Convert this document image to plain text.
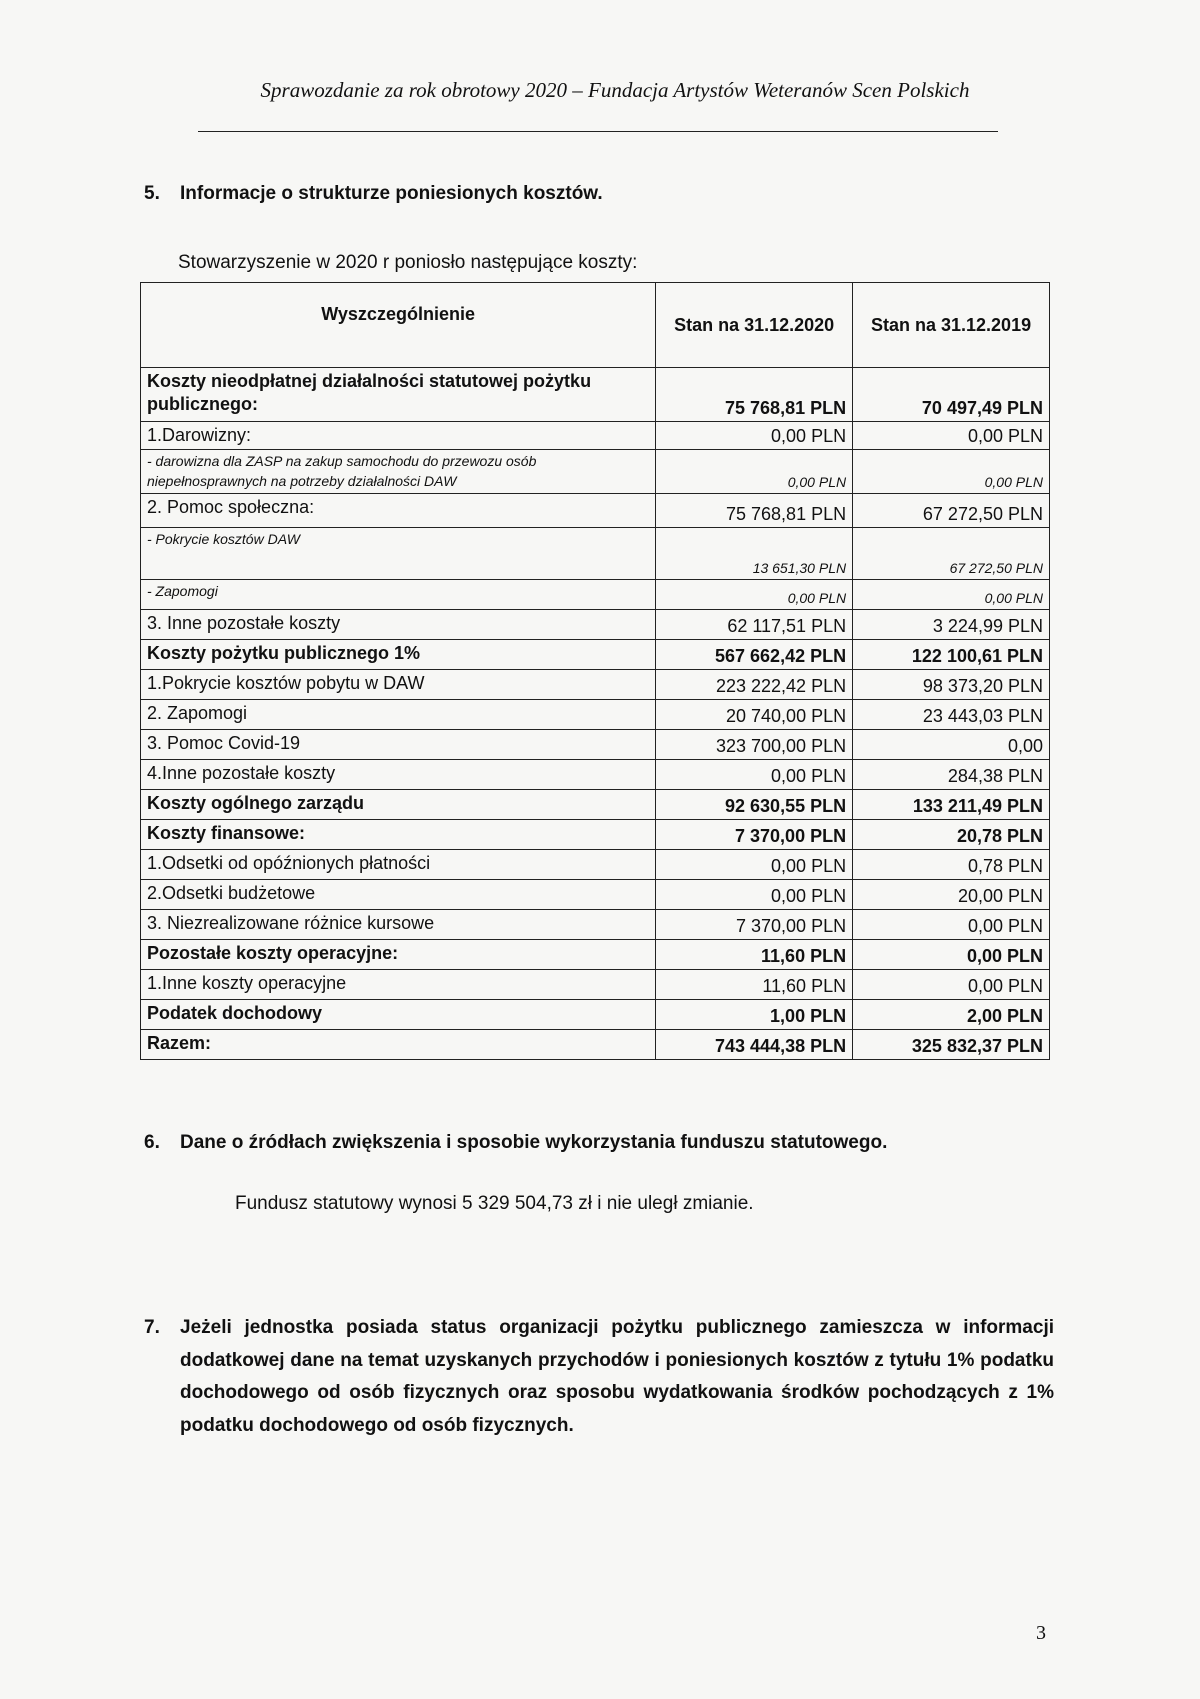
Sprawozdanie za rok obrotowy 2020 – Fundacja Artystów Weteranów Scen Polskich
5. Informacje o strukturze poniesionych kosztów.
Stowarzyszenie w 2020 r poniosło następujące koszty:
Wyszczególnienie	Stan na 31.12.2020	Stan na 31.12.2019
Koszty nieodpłatnej działalności statutowej pożytku publicznego:	75 768,81 PLN	70 497,49 PLN
1.Darowizny:	0,00 PLN	0,00 PLN
- darowizna dla ZASP na zakup samochodu do przewozu osób niepełnosprawnych na potrzeby działalności DAW	0,00 PLN	0,00 PLN
2. Pomoc społeczna:	75 768,81 PLN	67 272,50 PLN
- Pokrycie kosztów DAW	13 651,30 PLN	67 272,50 PLN
- Zapomogi	0,00 PLN	0,00 PLN
3. Inne pozostałe koszty	62 117,51 PLN	3 224,99 PLN
Koszty pożytku publicznego 1%	567 662,42 PLN	122 100,61 PLN
1.Pokrycie kosztów pobytu w DAW	223 222,42 PLN	98 373,20 PLN
2. Zapomogi	20 740,00 PLN	23 443,03 PLN
3. Pomoc Covid-19	323 700,00 PLN	0,00
4.Inne pozostałe koszty	0,00 PLN	284,38 PLN
Koszty ogólnego zarządu	92 630,55 PLN	133 211,49 PLN
Koszty finansowe:	7 370,00 PLN	20,78 PLN
1.Odsetki od opóźnionych płatności	0,00 PLN	0,78 PLN
2.Odsetki budżetowe	0,00 PLN	20,00 PLN
3. Niezrealizowane różnice kursowe	7 370,00 PLN	0,00 PLN
Pozostałe koszty operacyjne:	11,60 PLN	0,00 PLN
1.Inne koszty operacyjne	11,60 PLN	0,00 PLN
Podatek dochodowy	1,00 PLN	2,00 PLN
Razem:	743 444,38 PLN	325 832,37 PLN
6. Dane o źródłach zwiększenia i sposobie wykorzystania funduszu statutowego.
Fundusz statutowy wynosi 5 329 504,73 zł i nie uległ zmianie.
7. Jeżeli jednostka posiada status organizacji pożytku publicznego zamieszcza w informacji dodatkowej dane na temat uzyskanych przychodów i poniesionych kosztów z tytułu 1% podatku dochodowego od osób fizycznych oraz sposobu wydatkowania środków pochodzących z 1% podatku dochodowego od osób fizycznych.
3
